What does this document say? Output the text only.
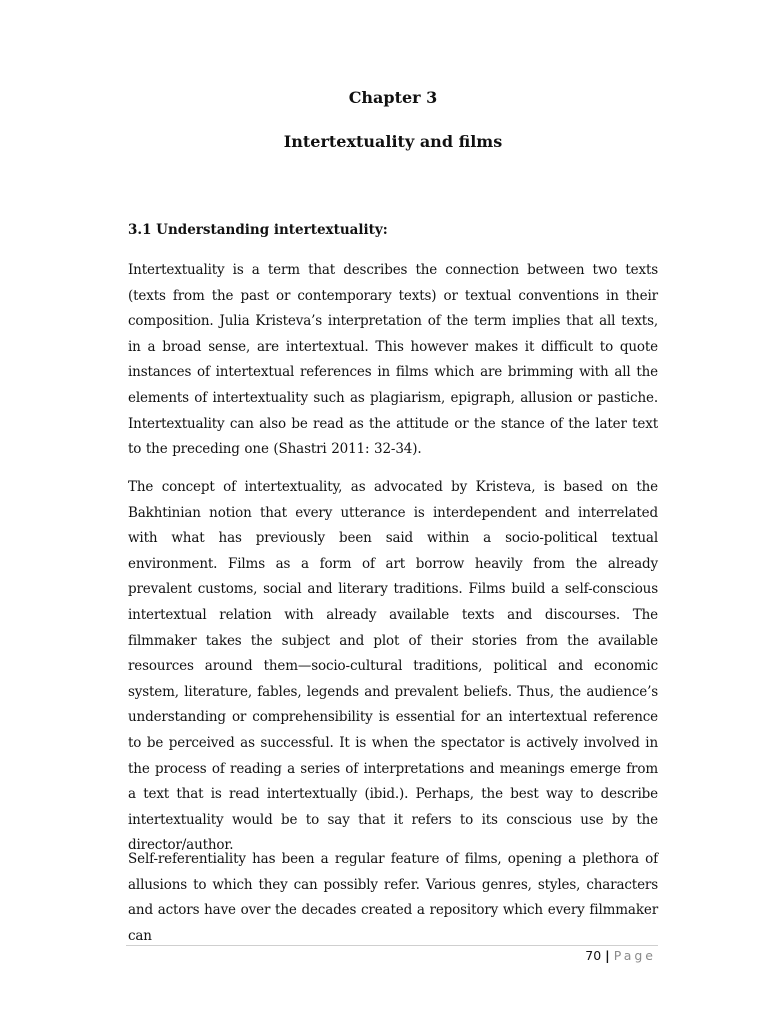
Chapter 3
Intertextuality and films
3.1 Understanding intertextuality:

Intertextuality is a term that describes the connection between two texts (texts from the past or contemporary texts) or textual conventions in their composition. Julia Kristeva’s interpretation of the term implies that all texts, in a broad sense, are intertextual. This however makes it difficult to quote instances of intertextual references in films which are brimming with all the elements of intertextuality such as plagiarism, epigraph, allusion or pastiche. Intertextuality can also be read as the attitude or the stance of the later text to the preceding one (Shastri 2011: 32-34).

The concept of intertextuality, as advocated by Kristeva, is based on the Bakhtinian notion that every utterance is interdependent and interrelated with what has previously been said within a socio-political textual environment. Films as a form of art borrow heavily from the already prevalent customs, social and literary traditions. Films build a self-conscious intertextual relation with already available texts and discourses. The filmmaker takes the subject and plot of their stories from the available resources around them—socio-cultural traditions, political and economic system, literature, fables, legends and prevalent beliefs. Thus, the audience’s understanding or comprehensibility is essential for an intertextual reference to be perceived as successful. It is when the spectator is actively involved in the process of reading a series of interpretations and meanings emerge from a text that is read intertextually (ibid.). Perhaps, the best way to describe intertextuality would be to say that it refers to its conscious use by the director/author.

Self-referentiality has been a regular feature of films, opening a plethora of allusions to which they can possibly refer. Various genres, styles, characters and actors have over the decades created a repository which every filmmaker can

70 | Page
